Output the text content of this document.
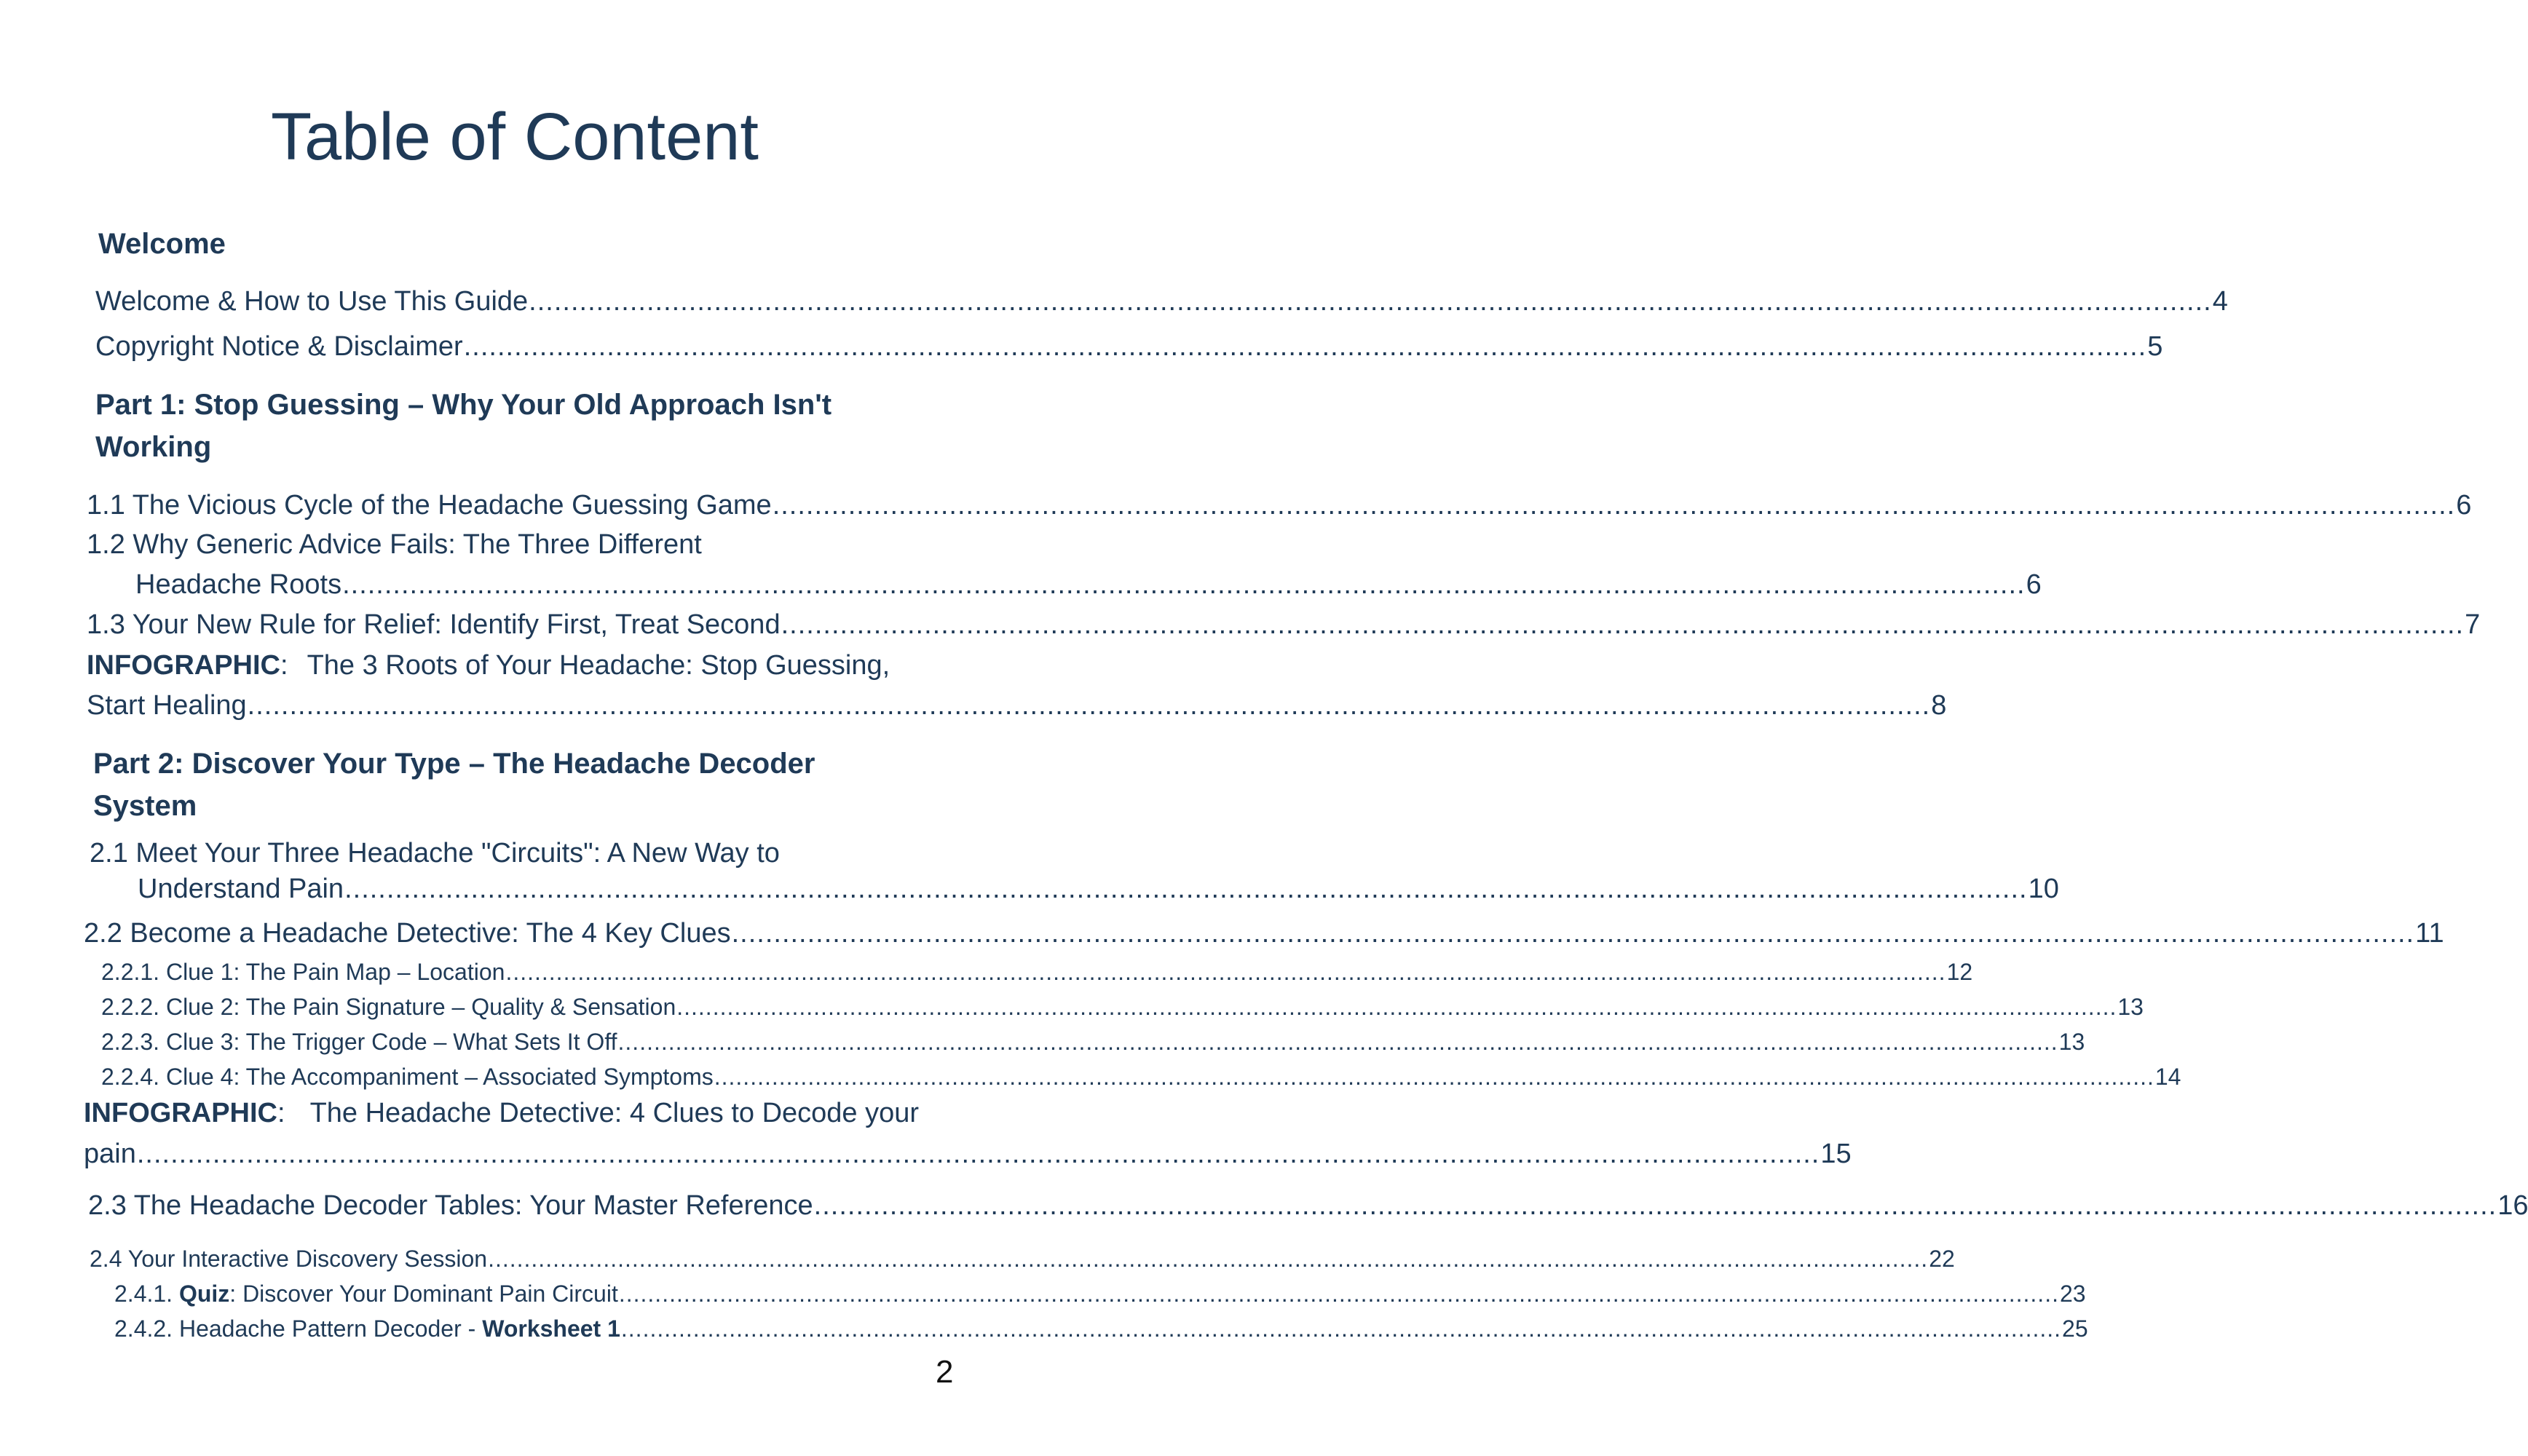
Table of Content
Welcome
Welcome & How to Use This Guide ........................................................................................................................................................................................................ 4
Copyright Notice & Disclaimer ........................................................................................................................................................................................................ 5
Part 1: Stop Guessing – Why Your Old Approach Isn't
Working
1.1 The Vicious Cycle of the Headache Guessing Game ........................................................................................................................................................................................................ 6
1.2 Why Generic Advice Fails: The Three Different
Headache Roots ........................................................................................................................................................................................................ 6
1.3 Your New Rule for Relief: Identify First, Treat Second ........................................................................................................................................................................................................ 7
INFOGRAPHIC: The 3 Roots of Your Headache: Stop Guessing,
Start Healing ........................................................................................................................................................................................................ 8
Part 2: Discover Your Type – The Headache Decoder
System
2.1 Meet Your Three Headache "Circuits": A New Way to
Understand Pain ........................................................................................................................................................................................................ 10
2.2 Become a Headache Detective: The 4 Key Clues ........................................................................................................................................................................................................ 11
2.2.1. Clue 1: The Pain Map – Location ........................................................................................................................................................................................................ 12
2.2.2. Clue 2: The Pain Signature – Quality & Sensation ........................................................................................................................................................................................................ 13
2.2.3. Clue 3: The Trigger Code – What Sets It Off ........................................................................................................................................................................................................ 13
2.2.4. Clue 4: The Accompaniment – Associated Symptoms ........................................................................................................................................................................................................ 14
INFOGRAPHIC: The Headache Detective: 4 Clues to Decode your
pain ........................................................................................................................................................................................................ 15
2.3 The Headache Decoder Tables: Your Master Reference ........................................................................................................................................................................................................ 16
2.4 Your Interactive Discovery Session ........................................................................................................................................................................................................ 22
2.4.1. Quiz: Discover Your Dominant Pain Circuit ........................................................................................................................................................................................................ 23
2.4.2. Headache Pattern Decoder - Worksheet 1 ........................................................................................................................................................................................................ 25
2
